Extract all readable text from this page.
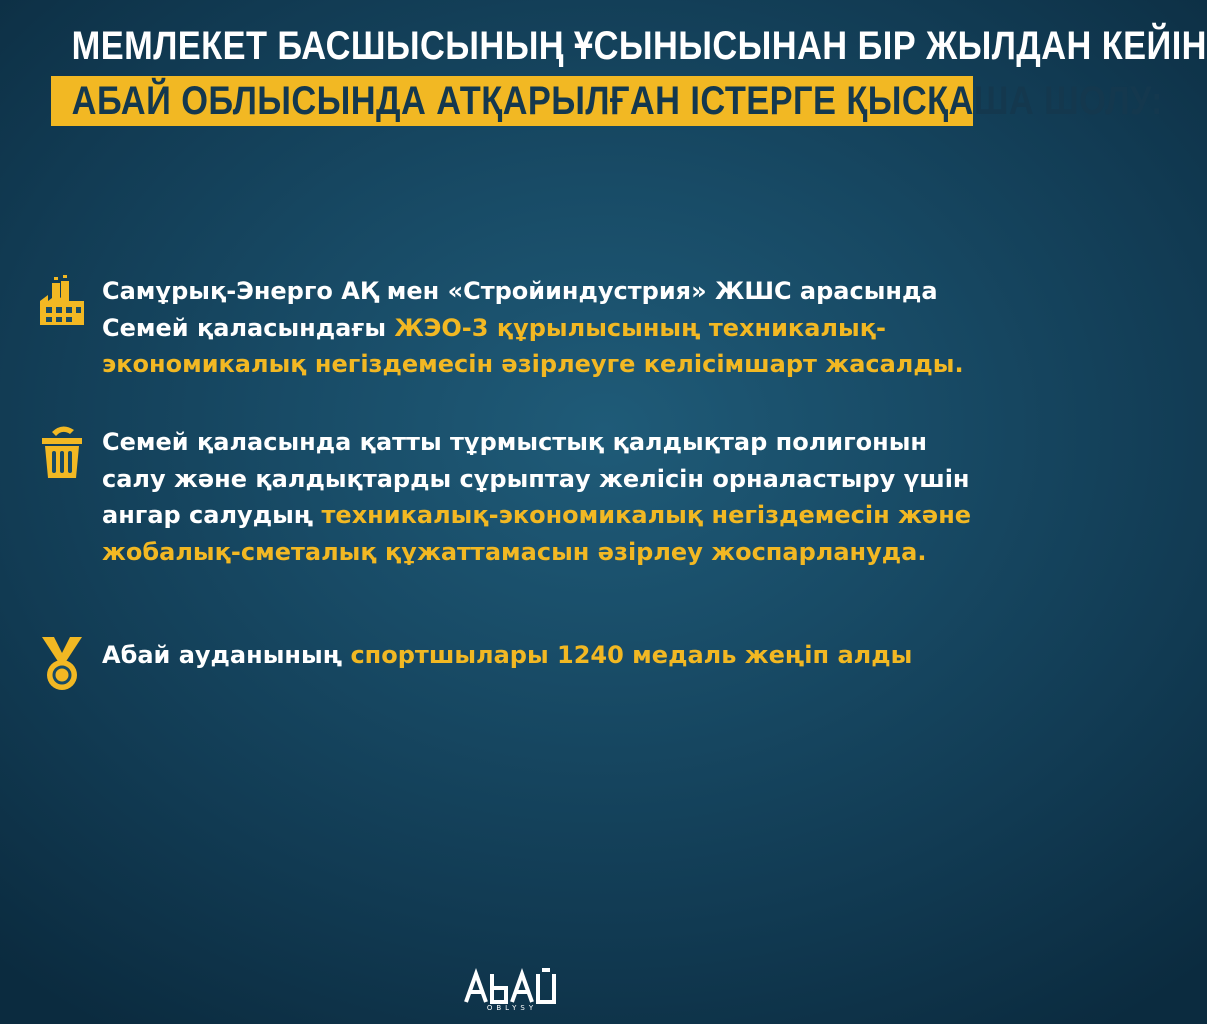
МЕМЛЕКЕТ БАСШЫСЫНЫҢ ҰСЫНЫСЫНАН БІР ЖЫЛДАН КЕЙІН
АБАЙ ОБЛЫСЫНДА АТҚАРЫЛҒАН ІСТЕРГЕ ҚЫСҚАША ШОЛУ:
Самұрық-Энерго АҚ мен «Стройиндустрия» ЖШС арасында Семей қаласындағы ЖЭО-3 құрылысының техникалық-экономикалық негіздемесін әзірлеуге келісімшарт жасалды.
Семей қаласында қатты тұрмыстық қалдықтар полигонын салу және қалдықтарды сұрыптау желісін орналастыру үшін ангар салудың техникалық-экономикалық негіздемесін және жобалық-сметалық құжаттамасын әзірлеу жоспарлануда.
Абай ауданының спортшылары 1240 медаль жеңіп алды
OBLYSY
